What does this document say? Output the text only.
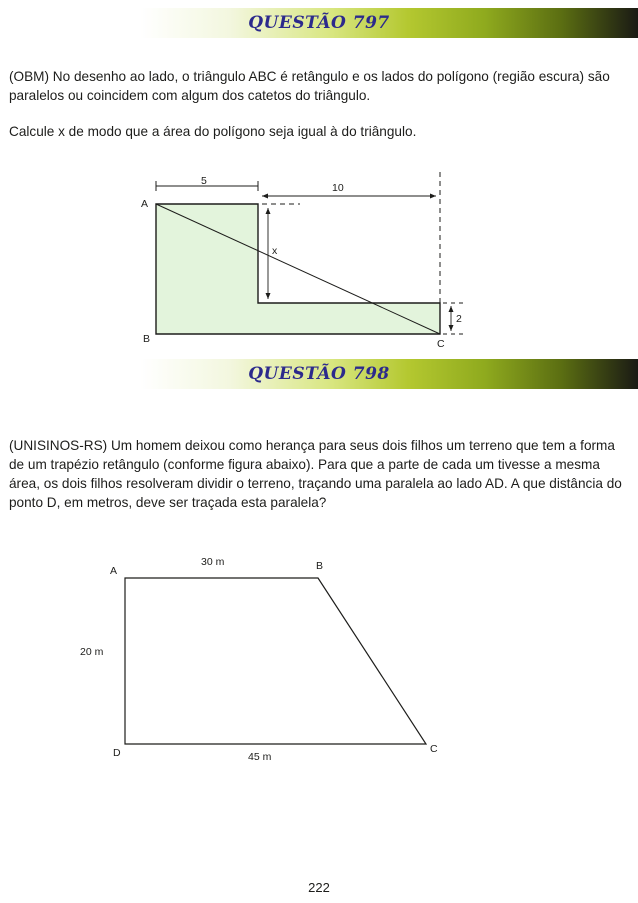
QUESTÃO 797

(OBM) No desenho ao lado, o triângulo ABC é retângulo e os lados do polígono (região escura) são paralelos ou coincidem com algum dos catetos do triângulo.

Calcule x de modo que a área do polígono seja igual à do triângulo.

5
10
x
2
A
B	C
QUESTÃO 798

(UNISINOS-RS) Um homem deixou como herança para seus dois filhos um terreno que tem a forma de um trapézio retângulo (conforme figura abaixo). Para que a parte de cada um tivesse a mesma área, os dois filhos resolveram dividir o terreno, traçando uma paralela ao lado AD. A que distância do ponto D, em metros, deve ser traçada esta paralela?

A	B
C
D
30 m
20 m
45 m
222
